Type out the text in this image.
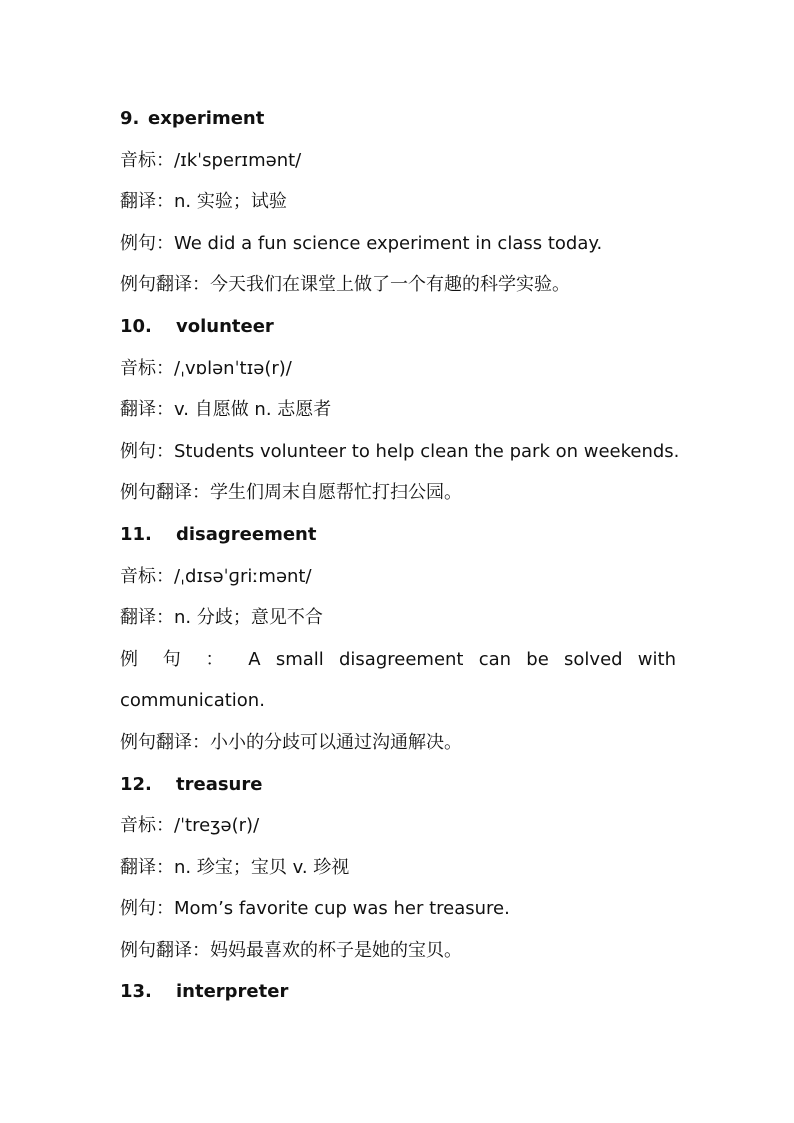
9. experiment
音标：/ɪkˈsperɪmənt/
翻译：n. 实验；试验
例句：We did a fun science experiment in class today.
例句翻译：今天我们在课堂上做了一个有趣的科学实验。
10. volunteer
音标：/ˌvɒlənˈtɪə(r)/
翻译：v. 自愿做 n. 志愿者
例句：Students volunteer to help clean the park on weekends.
例句翻译：学生们周末自愿帮忙打扫公园。
11. disagreement
音标：/ˌdɪsəˈɡriːmənt/
翻译：n. 分歧；意见不合
例 句 ： A small disagreement can be solved with
communication.
例句翻译：小小的分歧可以通过沟通解决。
12. treasure
音标：/ˈtreʒə(r)/
翻译：n. 珍宝；宝贝 v. 珍视
例句：Mom’s favorite cup was her treasure.
例句翻译：妈妈最喜欢的杯子是她的宝贝。
13. interpreter
